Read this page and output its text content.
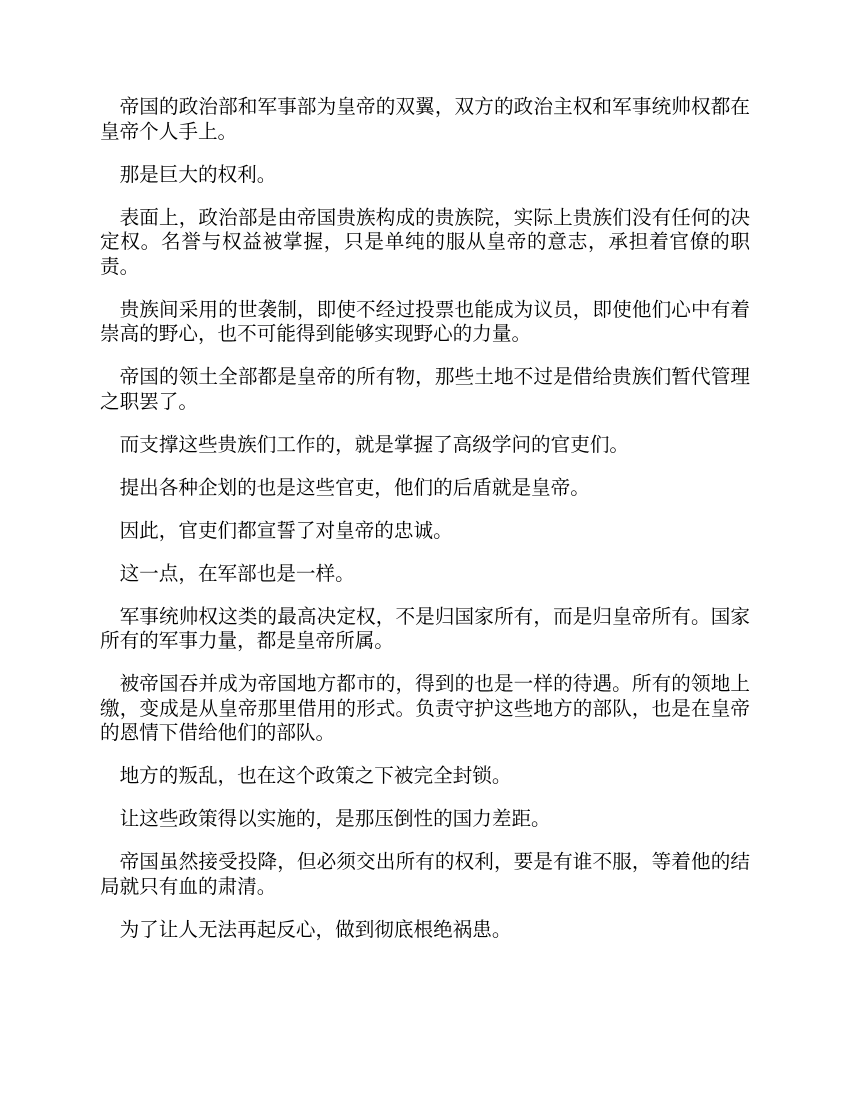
帝国的政治部和军事部为皇帝的双翼，双方的政治主权和军事统帅权都在皇帝个人手上。

那是巨大的权利。

表面上，政治部是由帝国贵族构成的贵族院，实际上贵族们没有任何的决定权。名誉与权益被掌握，只是单纯的服从皇帝的意志，承担着官僚的职责。

贵族间采用的世袭制，即使不经过投票也能成为议员，即使他们心中有着崇高的野心，也不可能得到能够实现野心的力量。

帝国的领土全部都是皇帝的所有物，那些土地不过是借给贵族们暂代管理之职罢了。

而支撑这些贵族们工作的，就是掌握了高级学问的官吏们。

提出各种企划的也是这些官吏，他们的后盾就是皇帝。

因此，官吏们都宣誓了对皇帝的忠诚。

这一点，在军部也是一样。

军事统帅权这类的最高决定权，不是归国家所有，而是归皇帝所有。国家所有的军事力量，都是皇帝所属。

被帝国吞并成为帝国地方都市的，得到的也是一样的待遇。所有的领地上缴，变成是从皇帝那里借用的形式。负责守护这些地方的部队，也是在皇帝的恩情下借给他们的部队。

地方的叛乱，也在这个政策之下被完全封锁。

让这些政策得以实施的，是那压倒性的国力差距。

帝国虽然接受投降，但必须交出所有的权利，要是有谁不服，等着他的结局就只有血的肃清。

为了让人无法再起反心，做到彻底根绝祸患。
